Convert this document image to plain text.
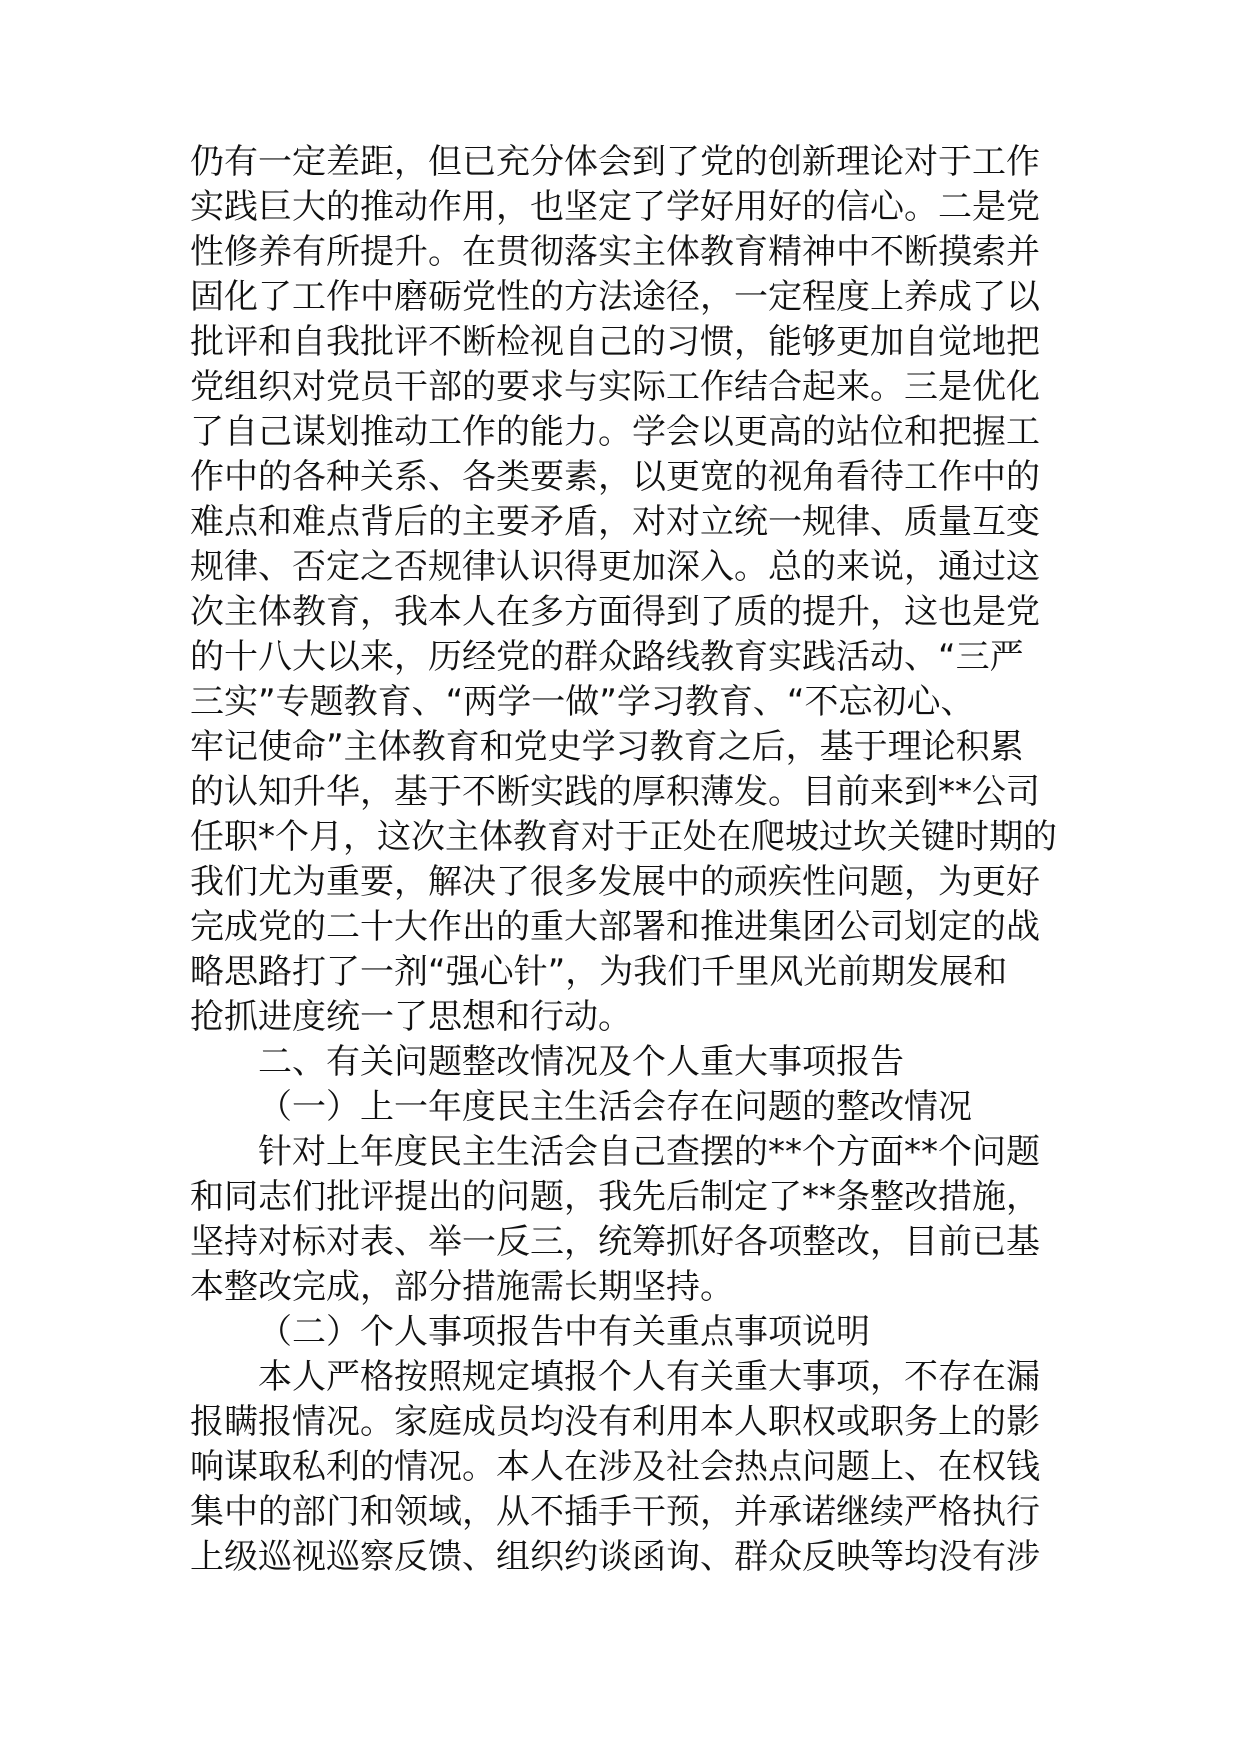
仍有一定差距，但已充分体会到了党的创新理论对于工作
实践巨大的推动作用，也坚定了学好用好的信心。二是党
性修养有所提升。在贯彻落实主体教育精神中不断摸索并
固化了工作中磨砺党性的方法途径，一定程度上养成了以
批评和自我批评不断检视自己的习惯，能够更加自觉地把
党组织对党员干部的要求与实际工作结合起来。三是优化
了自己谋划推动工作的能力。学会以更高的站位和把握工
作中的各种关系、各类要素，以更宽的视角看待工作中的
难点和难点背后的主要矛盾，对对立统一规律、质量互变
规律、否定之否规律认识得更加深入。总的来说，通过这
次主体教育，我本人在多方面得到了质的提升，这也是党
的十八大以来，历经党的群众路线教育实践活动、“三严
三实”专题教育、“两学一做”学习教育、“不忘初心、
牢记使命”主体教育和党史学习教育之后，基于理论积累
的认知升华，基于不断实践的厚积薄发。目前来到**公司
任职*个月，这次主体教育对于正处在爬坡过坎关键时期的
我们尤为重要，解决了很多发展中的顽疾性问题，为更好
完成党的二十大作出的重大部署和推进集团公司划定的战
略思路打了一剂“强心针”，为我们千里风光前期发展和
抢抓进度统一了思想和行动。
二、有关问题整改情况及个人重大事项报告
（一）上一年度民主生活会存在问题的整改情况
针对上年度民主生活会自己查摆的**个方面**个问题
和同志们批评提出的问题，我先后制定了**条整改措施，
坚持对标对表、举一反三，统筹抓好各项整改，目前已基
本整改完成，部分措施需长期坚持。
（二）个人事项报告中有关重点事项说明
本人严格按照规定填报个人有关重大事项，不存在漏
报瞒报情况。家庭成员均没有利用本人职权或职务上的影
响谋取私利的情况。本人在涉及社会热点问题上、在权钱
集中的部门和领域，从不插手干预，并承诺继续严格执行
上级巡视巡察反馈、组织约谈函询、群众反映等均没有涉
